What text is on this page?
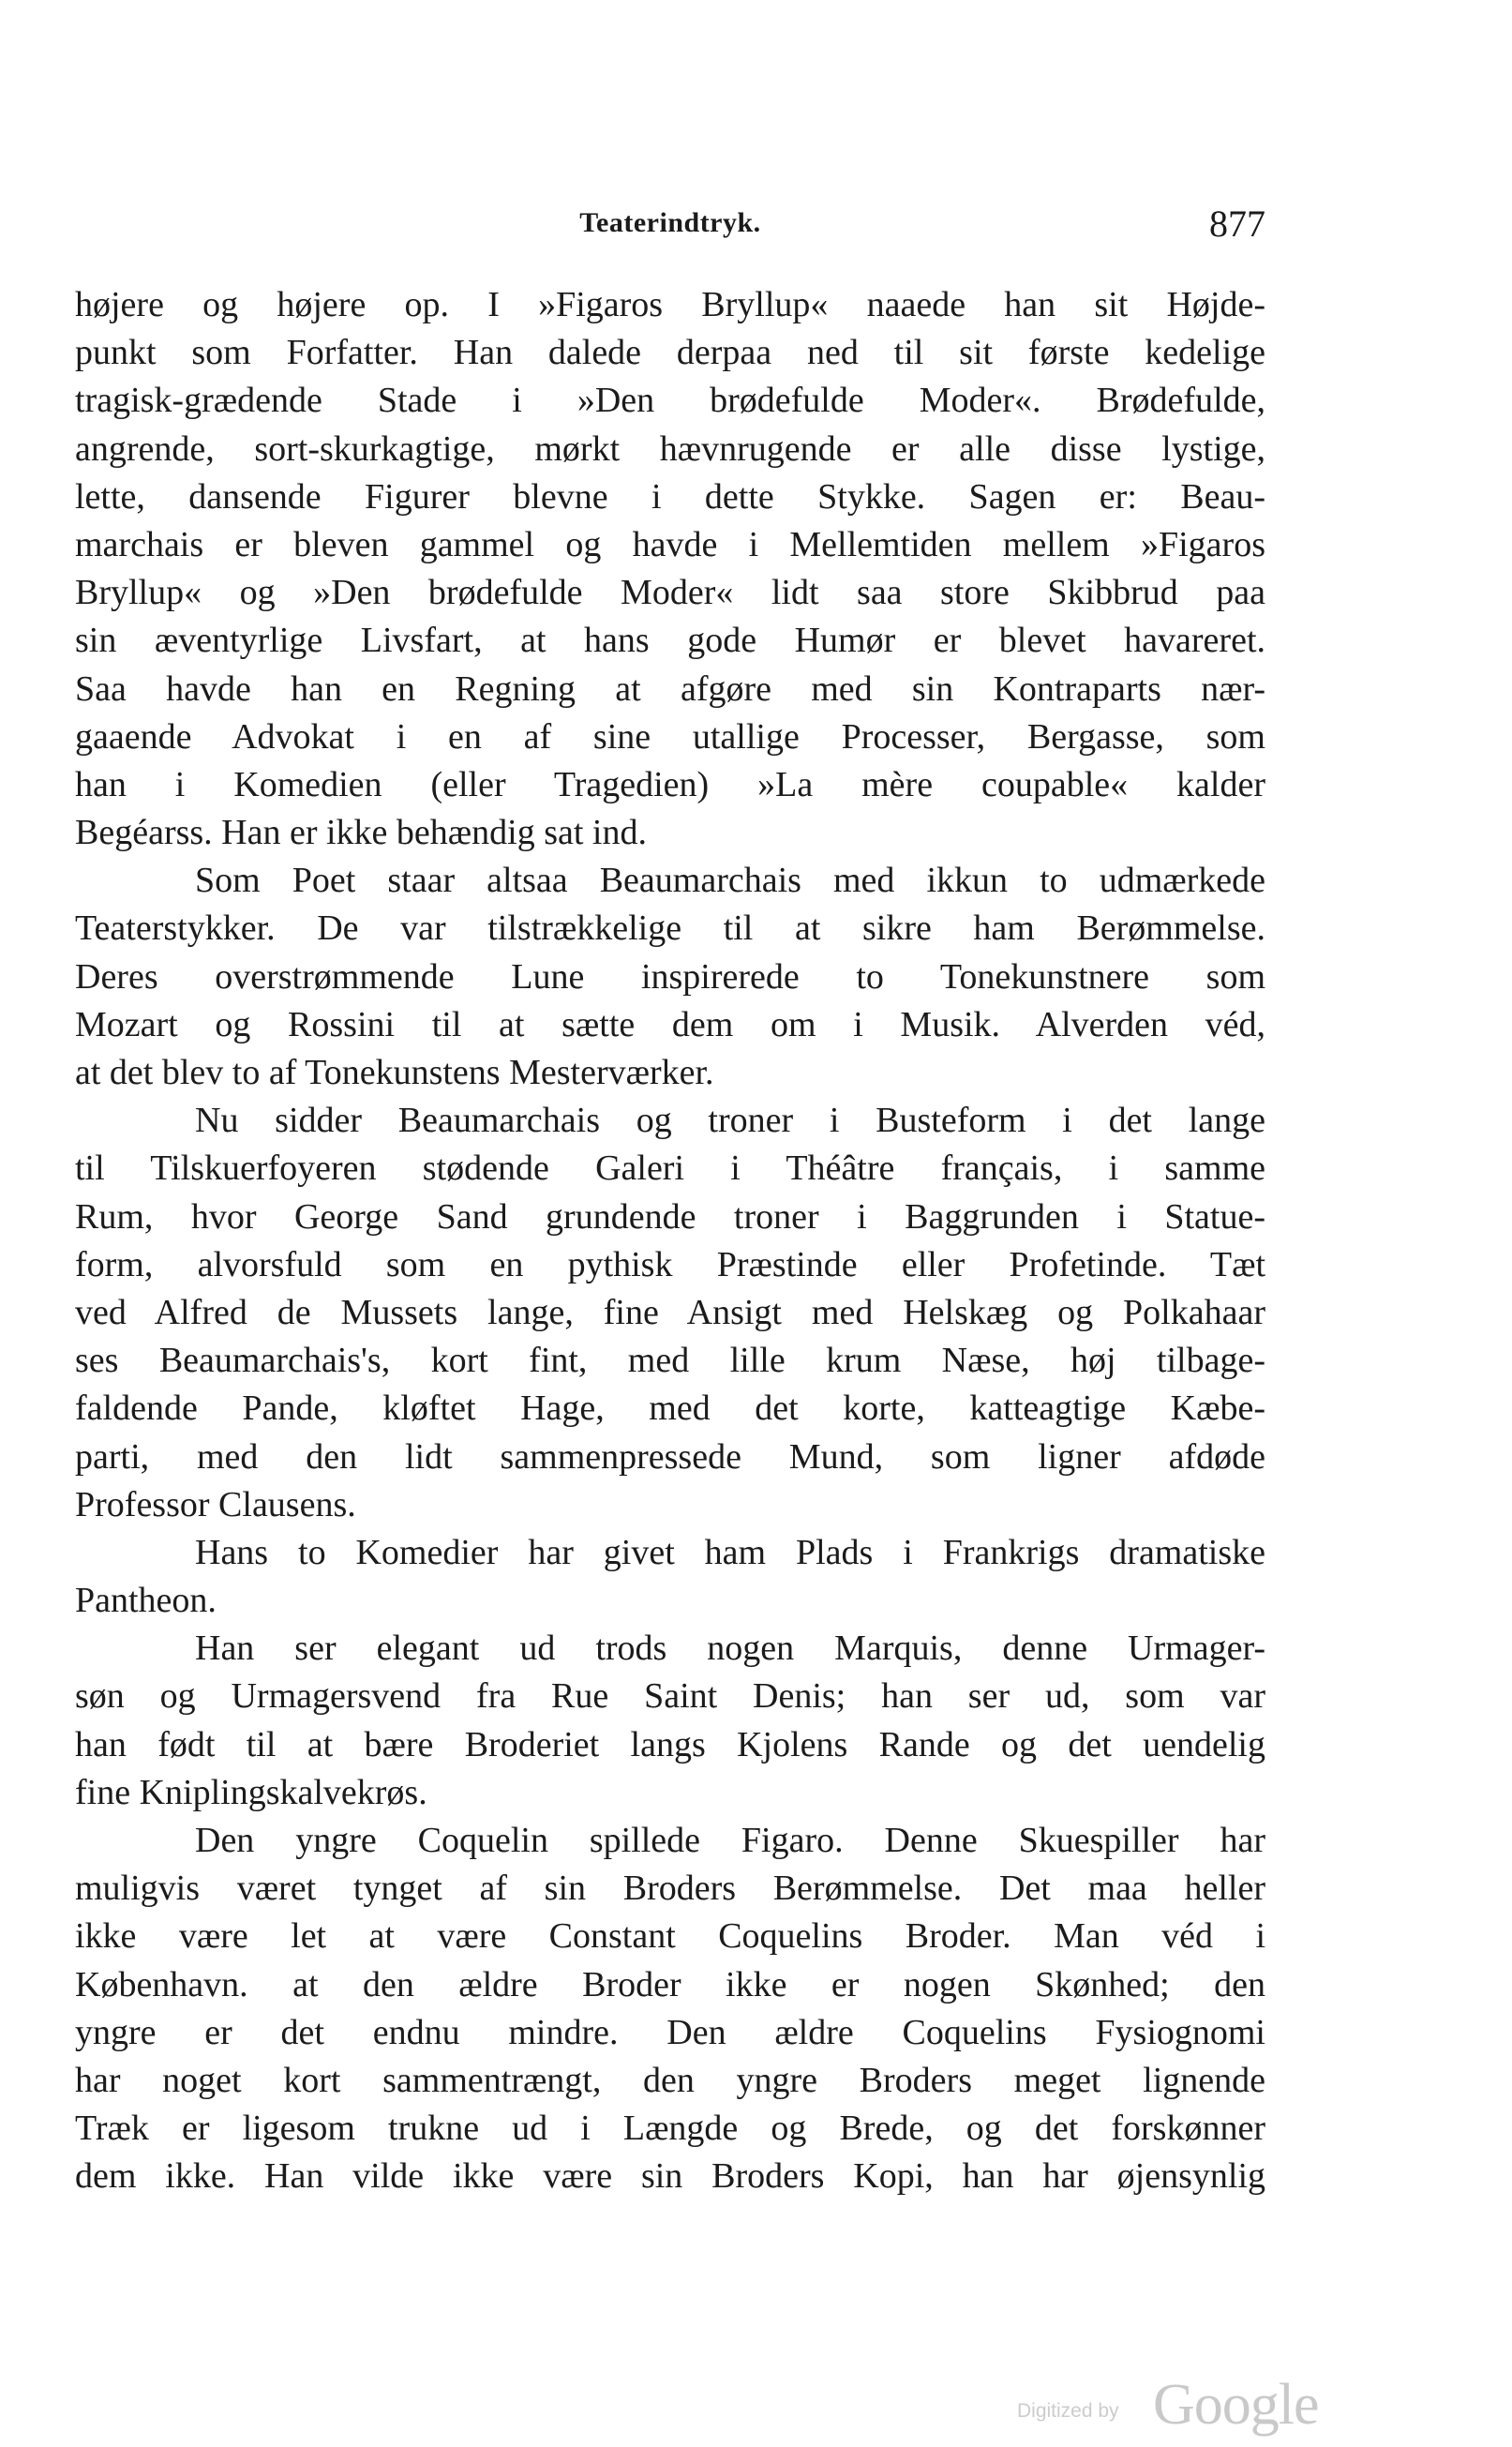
Teaterindtryk.	877
højere og højere op. I »Figaros Bryllup« naaede han sit Højde-
punkt som Forfatter. Han dalede derpaa ned til sit første kedelige
tragisk-grædende Stade i »Den brødefulde Moder«. Brødefulde,
angrende, sort-skurkagtige, mørkt hævnrugende er alle disse lystige,
lette, dansende Figurer blevne i dette Stykke. Sagen er: Beau-
marchais er bleven gammel og havde i Mellemtiden mellem »Figaros
Bryllup« og »Den brødefulde Moder« lidt saa store Skibbrud paa
sin æventyrlige Livsfart, at hans gode Humør er blevet havareret.
Saa havde han en Regning at afgøre med sin Kontraparts nær-
gaaende Advokat i en af sine utallige Processer, Bergasse, som
han i Komedien (eller Tragedien) »La mère coupable« kalder
Begéarss. Han er ikke behændig sat ind.
Som Poet staar altsaa Beaumarchais med ikkun to udmærkede
Teaterstykker. De var tilstrækkelige til at sikre ham Berømmelse.
Deres overstrømmende Lune inspirerede to Tonekunstnere som
Mozart og Rossini til at sætte dem om i Musik. Alverden véd,
at det blev to af Tonekunstens Mesterværker.
Nu sidder Beaumarchais og troner i Busteform i det lange
til Tilskuerfoyeren stødende Galeri i Théâtre français, i samme
Rum, hvor George Sand grundende troner i Baggrunden i Statue-
form, alvorsfuld som en pythisk Præstinde eller Profetinde. Tæt
ved Alfred de Mussets lange, fine Ansigt med Helskæg og Polkahaar
ses Beaumarchais's, kort fint, med lille krum Næse, høj tilbage-
faldende Pande, kløftet Hage, med det korte, katteagtige Kæbe-
parti, med den lidt sammenpressede Mund, som ligner afdøde
Professor Clausens.
Hans to Komedier har givet ham Plads i Frankrigs dramatiske
Pantheon.
Han ser elegant ud trods nogen Marquis, denne Urmager-
søn og Urmagersvend fra Rue Saint Denis; han ser ud, som var
han født til at bære Broderiet langs Kjolens Rande og det uendelig
fine Kniplingskalvekrøs.
Den yngre Coquelin spillede Figaro. Denne Skuespiller har
muligvis været tynget af sin Broders Berømmelse. Det maa heller
ikke være let at være Constant Coquelins Broder. Man véd i
København. at den ældre Broder ikke er nogen Skønhed; den
yngre er det endnu mindre. Den ældre Coquelins Fysiognomi
har noget kort sammentrængt, den yngre Broders meget lignende
Træk er ligesom trukne ud i Længde og Brede, og det forskønner
dem ikke. Han vilde ikke være sin Broders Kopi, han har øjensynlig
Digitized by Google
